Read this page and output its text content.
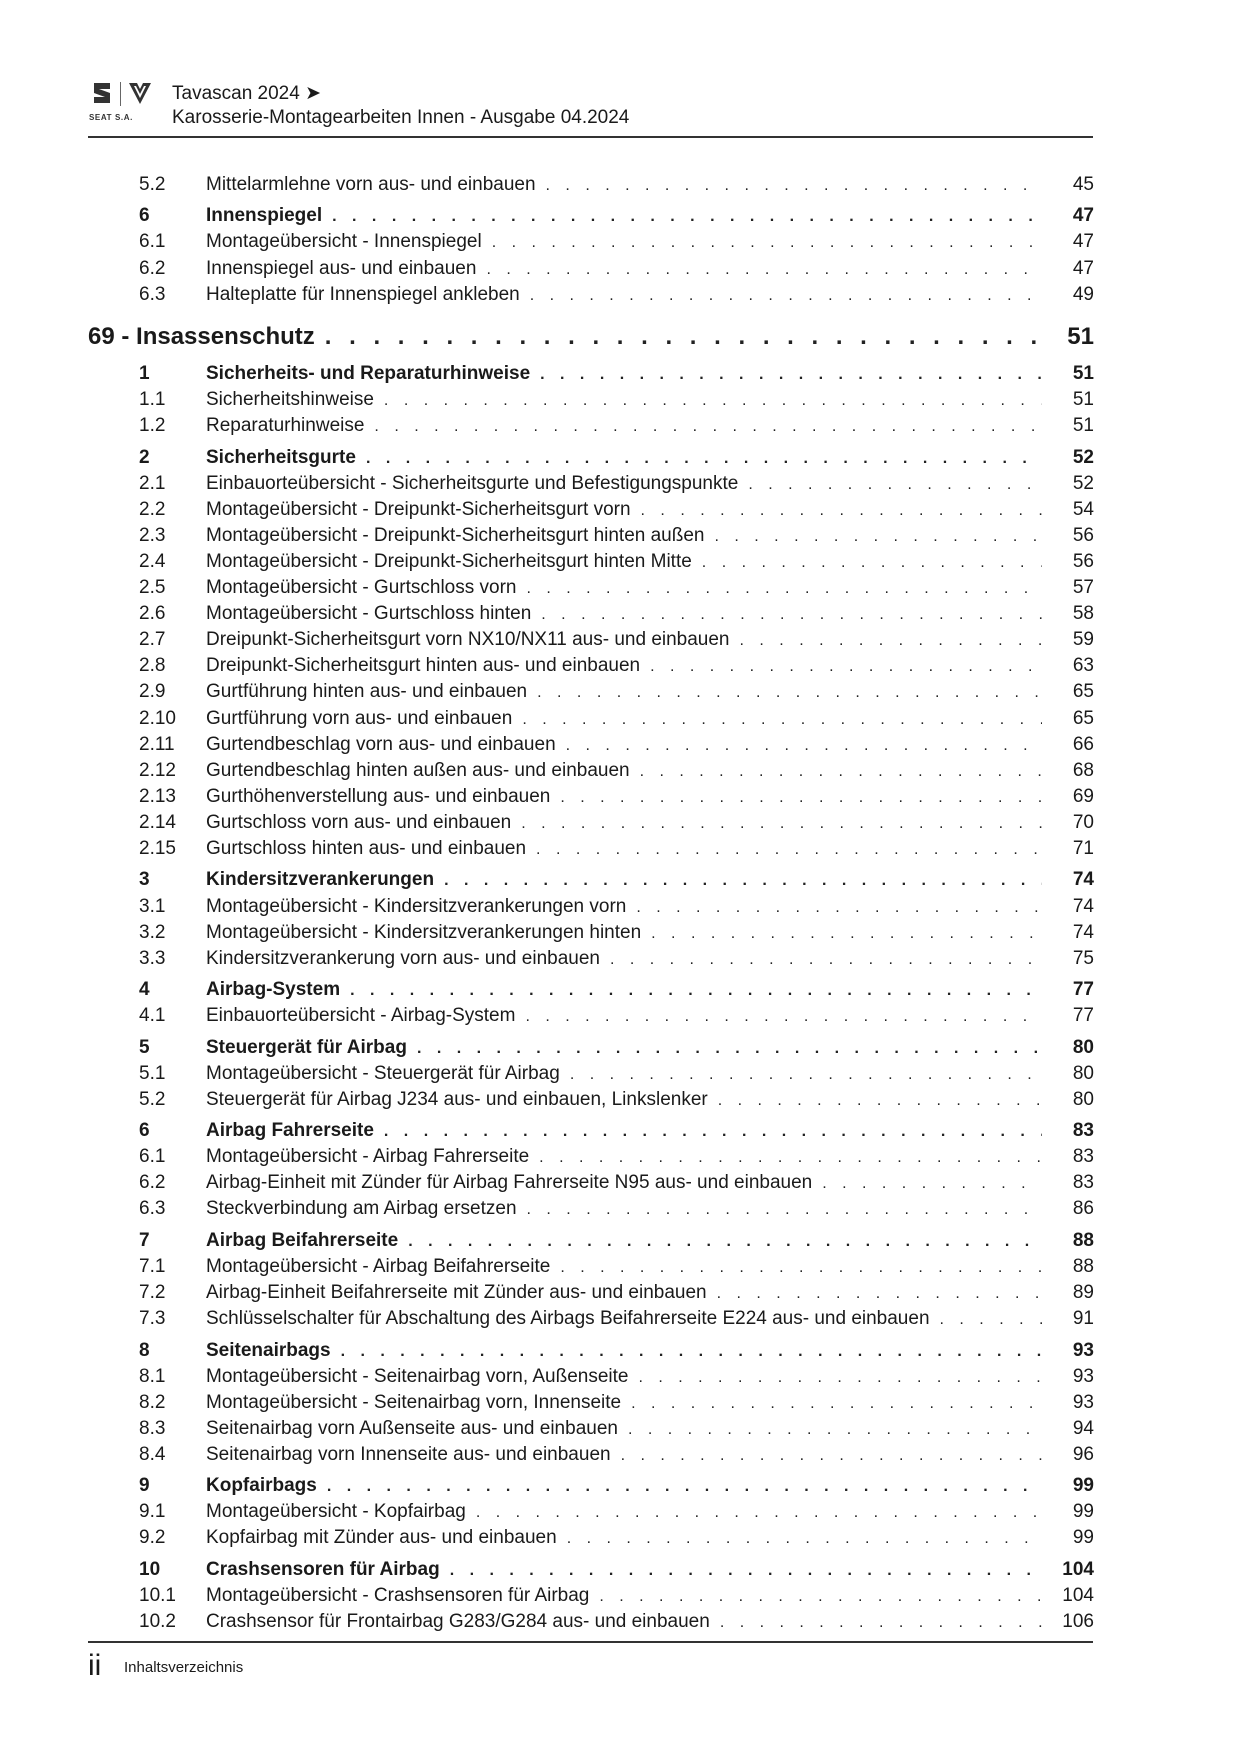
SEAT S.A.
Tavascan 2024 ➤
Karosserie-Montagearbeiten Innen - Ausgabe 04.2024
5.2 Mittelarmlehne vorn aus- und einbauen . . .	45
6	Innenspiegel . . .	47
6.1 Montageübersicht - Innenspiegel . . .	47
6.2 Innenspiegel aus- und einbauen . . .	47
6.3 Halteplatte für Innenspiegel ankleben . . .	49
69 - Insassenschutz . . .	51
1	Sicherheits- und Reparaturhinweise . . .	51
1.1 Sicherheitshinweise . . .	51
1.2 Reparaturhinweise . . .	51
2	Sicherheitsgurte . . .	52
2.1 Einbauorteübersicht - Sicherheitsgurte und Befestigungspunkte . . .	52
2.2 Montageübersicht - Dreipunkt-Sicherheitsgurt vorn . . .	54
2.3 Montageübersicht - Dreipunkt-Sicherheitsgurt hinten außen . . .	56
2.4 Montageübersicht - Dreipunkt-Sicherheitsgurt hinten Mitte . . .	56
2.5 Montageübersicht - Gurtschloss vorn . . .	57
2.6 Montageübersicht - Gurtschloss hinten . . .	58
2.7 Dreipunkt-Sicherheitsgurt vorn NX10/NX11 aus- und einbauen . . .	59
2.8 Dreipunkt-Sicherheitsgurt hinten aus- und einbauen . . .	63
2.9 Gurtführung hinten aus- und einbauen . . .	65
2.10 Gurtführung vorn aus- und einbauen . . .	65
2.11 Gurtendbeschlag vorn aus- und einbauen . . .	66
2.12 Gurtendbeschlag hinten außen aus- und einbauen . . .	68
2.13 Gurthöhenverstellung aus- und einbauen . . .	69
2.14 Gurtschloss vorn aus- und einbauen . . .	70
2.15 Gurtschloss hinten aus- und einbauen . . .	71
3	Kindersitzverankerungen . . .	74
3.1 Montageübersicht - Kindersitzverankerungen vorn . . .	74
3.2 Montageübersicht - Kindersitzverankerungen hinten . . .	74
3.3 Kindersitzverankerung vorn aus- und einbauen . . .	75
4	Airbag-System . . .	77
4.1 Einbauorteübersicht - Airbag-System . . .	77
5	Steuergerät für Airbag . . .	80
5.1 Montageübersicht - Steuergerät für Airbag . . .	80
5.2 Steuergerät für Airbag J234 aus- und einbauen, Linkslenker . . .	80
6	Airbag Fahrerseite . . .	83
6.1 Montageübersicht - Airbag Fahrerseite . . .	83
6.2 Airbag-Einheit mit Zünder für Airbag Fahrerseite N95 aus- und einbauen . . .	83
6.3 Steckverbindung am Airbag ersetzen . . .	86
7	Airbag Beifahrerseite . . .	88
7.1 Montageübersicht - Airbag Beifahrerseite . . .	88
7.2 Airbag-Einheit Beifahrerseite mit Zünder aus- und einbauen . . .	89
7.3 Schlüsselschalter für Abschaltung des Airbags Beifahrerseite E224 aus- und einbauen . . .	91
8	Seitenairbags . . .	93
8.1 Montageübersicht - Seitenairbag vorn, Außenseite . . .	93
8.2 Montageübersicht - Seitenairbag vorn, Innenseite . . .	93
8.3 Seitenairbag vorn Außenseite aus- und einbauen . . .	94
8.4 Seitenairbag vorn Innenseite aus- und einbauen . . .	96
9	Kopfairbags . . .	99
9.1 Montageübersicht - Kopfairbag . . .	99
9.2 Kopfairbag mit Zünder aus- und einbauen . . .	99
10 Crashsensoren für Airbag . . .	104
10.1 Montageübersicht - Crashsensoren für Airbag . . .	104
10.2 Crashsensor für Frontairbag G283/G284 aus- und einbauen . . .	106
ii Inhaltsverzeichnis
